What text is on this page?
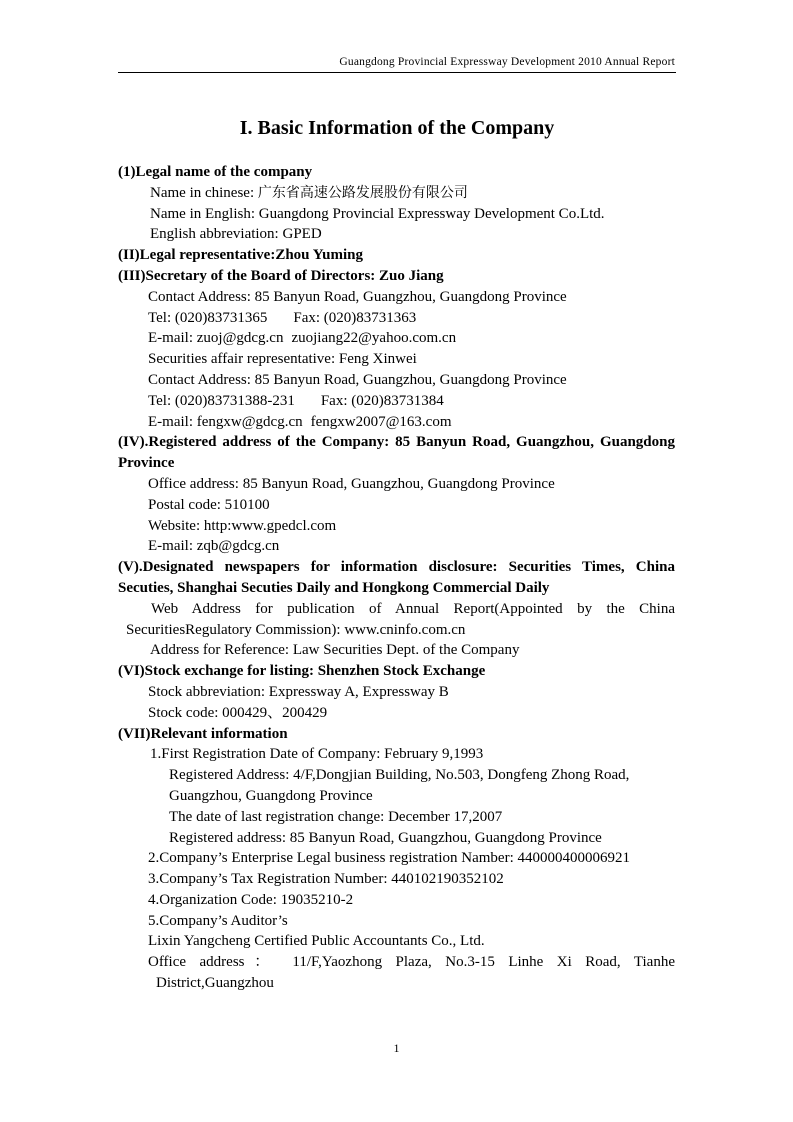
Guangdong Provincial Expressway Development 2010 Annual Report
I. Basic Information of the Company

(1)Legal name of the company

Name in chinese: 广东省高速公路发展股份有限公司

Name in English: Guangdong Provincial Expressway Development Co.Ltd.

English abbreviation: GPED

(II)Legal representative:Zhou Yuming

(III)Secretary of the Board of Directors: Zuo Jiang

Contact Address: 85 Banyun Road, Guangzhou, Guangdong Province

Tel: (020)83731365 Fax: (020)83731363

E-mail: zuoj@gdcg.cn zuojiang22@yahoo.com.cn

Securities affair representative: Feng Xinwei

Contact Address: 85 Banyun Road, Guangzhou, Guangdong Province

Tel: (020)83731388-231 Fax: (020)83731384

E-mail: fengxw@gdcg.cn fengxw2007@163.com

(IV).Registered address of the Company: 85 Banyun Road, Guangzhou, Guangdong Province

Office address: 85 Banyun Road, Guangzhou, Guangdong Province

Postal code: 510100

Website: http:www.gpedcl.com

E-mail: zqb@gdcg.cn

(V).Designated newspapers for information disclosure: Securities Times, China Secuties, Shanghai Secuties Daily and Hongkong Commercial Daily

Web Address for publication of Annual Report(Appointed by the China

SecuritiesRegulatory Commission): www.cninfo.com.cn

Address for Reference: Law Securities Dept. of the Company

(VI)Stock exchange for listing: Shenzhen Stock Exchange

Stock abbreviation: Expressway A, Expressway B

Stock code: 000429、200429

(VII)Relevant information

1.First Registration Date of Company: February 9,1993

Registered Address: 4/F,Dongjian Building, No.503, Dongfeng Zhong Road,

Guangzhou, Guangdong Province

The date of last registration change: December 17,2007

Registered address: 85 Banyun Road, Guangzhou, Guangdong Province

2.Company’s Enterprise Legal business registration Namber: 440000400006921

3.Company’s Tax Registration Number: 440102190352102

4.Organization Code: 19035210-2

5.Company’s Auditor’s

Lixin Yangcheng Certified Public Accountants Co., Ltd.

Office address： 11/F,Yaozhong Plaza, No.3-15 Linhe Xi Road, Tianhe

District,Guangzhou

1
